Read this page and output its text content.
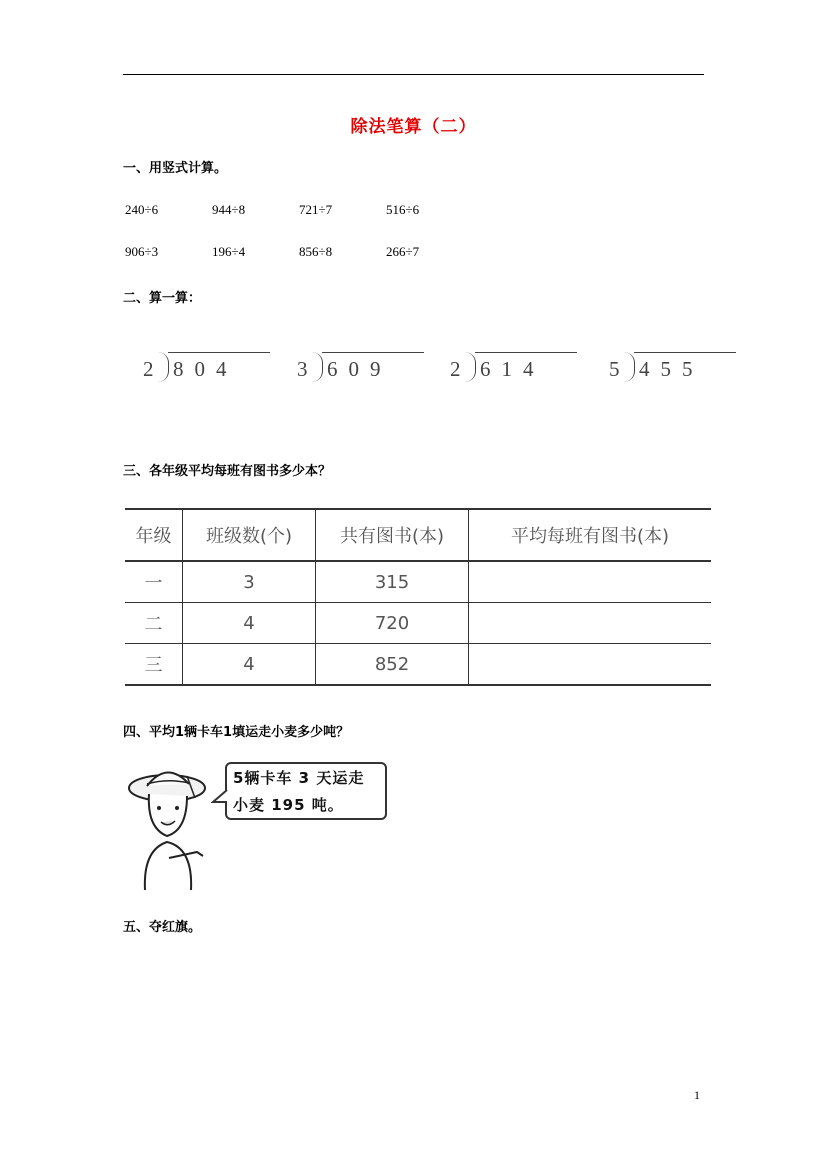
除法笔算（二）
一、用竖式计算。
240÷6	944÷8	721÷7	516÷6
906÷3	196÷4	856÷8	266÷7
二、算一算：
2 804	3 609	2 614	5 455
三、各年级平均每班有图书多少本？
年级	班级数(个)	共有图书(本)	平均每班有图书(本)
一	3	315	
二	4	720	
三	4	852	
四、平均1辆卡车1填运走小麦多少吨？
5辆卡车 3 天运走
小麦 195 吨。
五、夺红旗。
1
